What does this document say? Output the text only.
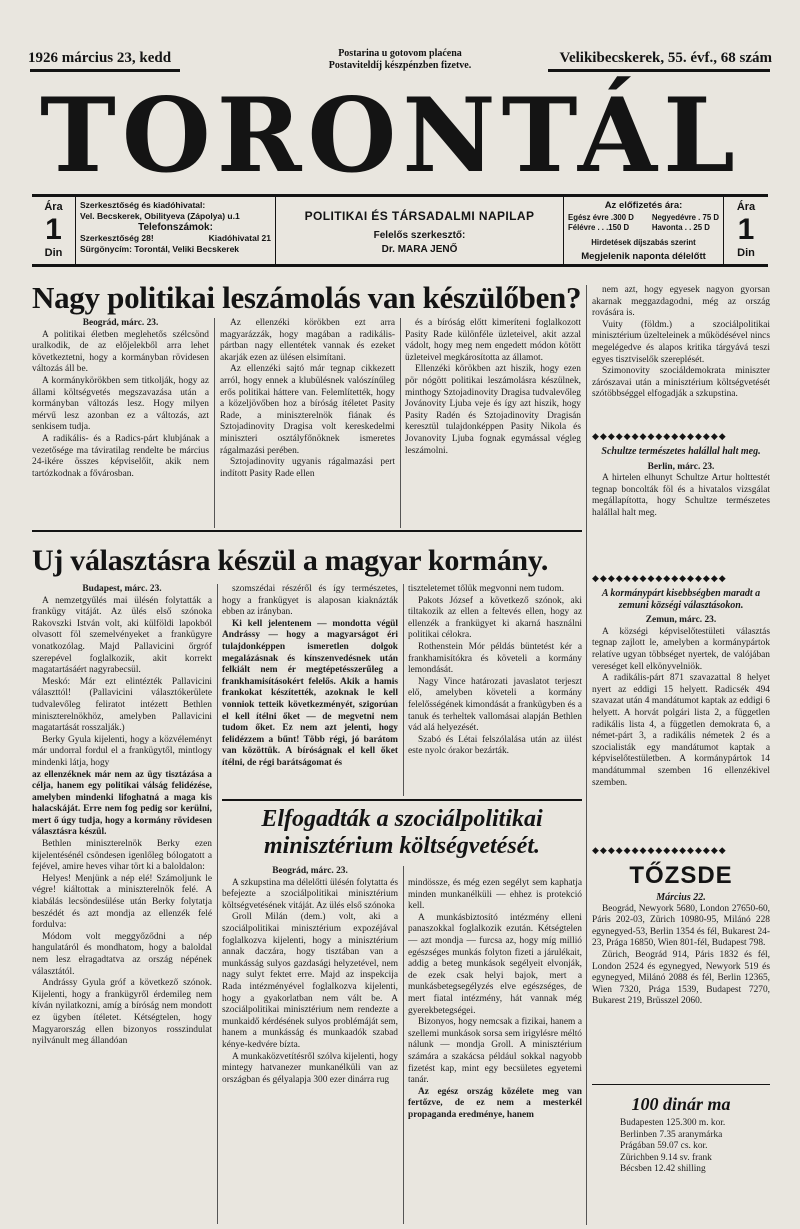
1926 március 23, kedd	Postarina u gotovom plaćena
Postaviteldíj készpénzben fizetve.	Velikibecskerek, 55. évf., 68 szám
TORONTÁL
Ára
1
Din
Szerkesztőség és kiadóhivatal:
Vel. Becskerek, Obilityeva (Zápolya) u.1
Telefonszámok:
Szerkesztőség 28!	Kiadóhivatal 21
Sürgönycím: Torontál, Veliki Becskerek
POLITIKAI ÉS TÁRSADALMI NAPILAP
Felelős szerkesztő:
Dr. MARA JENŐ
Az előfizetés ára:
Egész évre .300 D
Félévre . . .150 D
Negyedévre . 75 D
Havonta . . 25 D
Hirdetések díjszabás szerint
Megjelenik naponta délelőtt
Ára
1
Din
Nagy politikai leszámolás van készülőben?

Beográd, márc. 23.

A politikai életben meglehetős szélcsönd uralkodik, de az előjelekből arra lehet következtetni, hogy a kormányban rövidesen változás áll be.

A kormánykörökben sem titkolják, hogy az állami költségvetés megszavazása után a kormányban változás lesz. Hogy milyen mérvű lesz azonban ez a változás, azt senkisem tudja.

A radikális- és a Radics-párt klubjának a vezetősége ma táviratilag rendelte be március 24-ikére összes képviselőit, akik nem tartózkodnak a fővárosban.

Az ellenzéki körökben ezt arra magyarázzák, hogy magában a radikális-pártban nagy ellentétek vannak és ezeket akarják ezen az ülésen elsimítani.

Az ellenzéki sajtó már tegnap cikkezett arról, hogy ennek a klubülésnek valószínűleg erős politikai háttere van. Felemlítették, hogy a közeljövőben hoz a bíróság ítéletet Pasity Rade, a miniszterelnök fiának és Sztojadinovity Dragisa volt kereskedelmi miniszteri osztályfőnöknek ismeretes rágalmazási perében.

Sztojadinovity ugyanis rágalmazási pert indított Pasity Rade ellen

és a bíróság előtt kimeríteni foglalkozott Pasity Rade különféle üzleteivel, akit azzal vádolt, hogy meg nem engedett módon kötött üzleteivel megkárosította az államot.

Ellenzéki körökben azt hiszik, hogy ezen pör nógött politikai leszámolásra készülnek, minthogy Sztojadinovity Dragisa tudvalevőleg Jovánovity Ljuba veje és így azt hiszik, hogy Pasity Radén és Sztojadinovity Dragisán keresztül tulajdonképpen Pasity Nikola és Jovanovity Ljuba fognak egymással végleg leszámolni.

nem azt, hogy egyesek nagyon gyorsan akarnak meggazdagodni, még az ország rovására is.

Vuity (földm.) a szociálpolitikai minisztérium üzelteleinek a működésével nincs megelégedve és alapos kritika tárgyává teszi egyes tisztviselők szereplését.

Szimonovity szociáldemokrata miniszter zárószavai után a minisztérium költségvetését szótöbbséggel elfogadják a szkupstina.

◆◆◆◆◆◆◆◆◆◆◆◆◆◆◆◆◆

Schultze természetes halállal halt meg.

Berlin, márc. 23.

A hirtelen elhunyt Schultze Artur holttestét tegnap boncolták föl és a hivatalos vizsgálat megállapította, hogy Schultze természetes halállal halt meg.

◆◆◆◆◆◆◆◆◆◆◆◆◆◆◆◆◆

A kormánypárt kisebbségben maradt a zemuni községi választásokon.

Zemun, márc. 23.

A községi képviselőtestületi választás tegnap zajlott le, amelyben a kormánypártok relatíve ugyan többséget nyertek, de valójában vereséget kell elkönyvelniök.

A radikális-párt 871 szavazattal 8 helyet nyert az eddigi 15 helyett. Radicsék 494 szavazat után 4 mandátumot kaptak az eddigi 6 helyett. A horvát polgári lista 2, a független radikális lista 4, a független demokrata 6, a német-párt 3, a radikális németek 2 és a szocialisták egy mandátumot kaptak a képviselőtestületben. A kormánypártok 14 mandátummal szemben 16 ellenzékivel szemben.

◆◆◆◆◆◆◆◆◆◆◆◆◆◆◆◆◆
TŐZSDE

Március 22.

Beográd, Newyork 5680, London 27650-60, Páris 202-03, Zürich 10980-95, Milánó 228 egynegyed-53, Berlin 1354 és fél, Bukarest 24-23, Prága 16850, Wien 801-fél, Budapest 798.

Zürich, Beográd 914, Páris 1832 és fél, London 2524 és egynegyed, Newyork 519 és egynegyed, Milánó 2088 és fél, Berlin 12365, Wien 7320, Prága 1539, Budapest 7270, Bukarest 219, Brüsszel 2060.

100 dinár ma
Budapesten 125.300 m. kor.
Berlinben 7.35 aranymárka
Prágában 59.07 cs. kor.
Zürichben 9.14 sv. frank
Bécsben 12.42 shilling
Uj választásra készül a magyar kormány.

Budapest, márc. 23.

A nemzetgyűlés mai ülésén folytatták a frankügy vitáját. Az ülés első szónoka Rakovszki István volt, aki külföldi lapokból olvasott föl szemelvényeket a frankügyre vonatkozólag. Majd Pallavicini őrgróf szerepével foglalkozik, akit korrekt magatartásáért nagyrabecsül.

Meskó: Már ezt elintézték Pallavicini választtól! (Pallavicini választókerülete tudvalevőleg feliratot intézett Bethlen miniszterelnökhöz, amelyben Pallavicini magatartását rosszalják.)

Berky Gyula kijelenti, hogy a közvéleményt már undorral fordul el a frankügytől, mintlogy mindenki látja, hogy

az ellenzéknek már nem az ügy tisztázása a célja, hanem egy politikai válság felidézése, amelyben mindenki lifoghatná a maga kis halacskáját. Erre nem fog pedig sor kerülni, mert ő úgy tudja, hogy a kormány rövidesen választásra készül.

Bethlen miniszterelnök Berky ezen kijelentésénél csöndesen igenlőleg bólogatott a fejével, amire heves vihar tört ki a baloldalon:

Helyes! Menjünk a nép elé! Számoljunk le végre! kiáltottak a miniszterelnök felé. A kiabálás lecsöndesülése után Berky folytatja beszédét és azt mondja az ellenzék felé fordulva:

Módom volt meggyőződni a nép hangulatáról és mondhatom, hogy a baloldal nem lesz elragadtatva az ország népének választától.

Andrássy Gyula gróf a következő szónok. Kijelenti, hogy a frankügyről érdemileg nem kíván nyilatkozni, amíg a bíróság nem mondott ez ügyben ítéletet. Kétségtelen, hogy Magyarország ellen bizonyos rosszindulat nyilvánult meg állandóan

szomszédai részéről és így természetes, hogy a frankügyet is alaposan kiaknázták ebben az irányban.

Ki kell jelentenem — mondotta végül Andrássy — hogy a magyarságot éri tulajdonképpen ismeretlen dolgok megalázásnak és kínszenvedésnek után felkiált nem ér megtépetésszerűleg a frankhamisításokért felelős. Akik a hamis frankokat készítették, azoknak le kell vonniok tetteik következményét, szigorúan el kell ítélni őket — de megvetni nem tudom őket. Ez nem azt jelenti, hogy felidézzem a bűnt! Több régi, jó barátom van közöttük. A bíróságnak el kell őket ítélni, de régi barátságomat és

tiszteletemet tőlük megvonni nem tudom.

Pakots József a következő szónok, aki tiltakozik az ellen a feltevés ellen, hogy az ellenzék a frankügyet ki akarná használni politikai célokra.

Rothenstein Mór példás büntetést kér a frankhamisítókra és követeli a kormány lemondását.

Nagy Vince határozati javaslatot terjeszt elő, amelyben követeli a kormány felelősségének kimondását a frankügyben és a tanuk és terheltek vallomásai alapján Bethlen vád alá helyezését.

Szabó és Létai felszólalása után az ülést este nyolc órakor bezárták.

Elfogadták a szociálpolitikai
minisztérium költségvetését.

Beográd, márc. 23.

A szkupstina ma délelőtti ülésén folytatta és befejezte a szociálpolitikai minisztérium költségvetésének vitáját. Az ülés első szónoka

Groll Milán (dem.) volt, aki a szociálpolitikai minisztérium expozéjával foglalkozva kijelenti, hogy a minisztérium annak daczára, hogy tisztában van a munkásság sulyos gazdasági helyzetével, nem nagy sulyt fektet erre. Majd az inspekcija Rada intézményével foglalkozva kijelenti, hogy a gyakorlatban nem vált be. A szociálpolitikai minisztérium nem rendezte a munkaidő kérdésének sulyos problémáját sem, hanem a munkásság és munkaadók szabad kénye-kedvére bízta.

A munkaközvetítésről szólva kijelenti, hogy mintegy hatvanezer munkanélküli van az országban és gélyalapja 300 ezer dinárra rug

mindössze, és még ezen segélyt sem kaphatja minden munkanélküli — ehhez is protekció kell.

A munkásbiztosító intézmény elleni panaszokkal foglalkozik ezután. Kétségtelen — azt mondja — furcsa az, hogy míg millió egészséges munkás folyton fizeti a járulékait, addig a beteg munkások segélyeit elvonják, de ezek csak helyi bajok, mert a munkásbetegsegélyzés elve egészséges, de mert fiatal intézmény, hát vannak még gyerekbetegségei.

Bizonyos, hogy nemcsak a fizikai, hanem a szellemi munkások sorsa sem irigylésre méltó nálunk — mondja Groll. A minisztérium számára a szakácsa például sokkal nagyobb fizetést kap, mint egy becsületes egyetemi tanár.

Az egész ország közélete meg van fertőzve, de ez nem a mesterkél propaganda eredménye, hanem
